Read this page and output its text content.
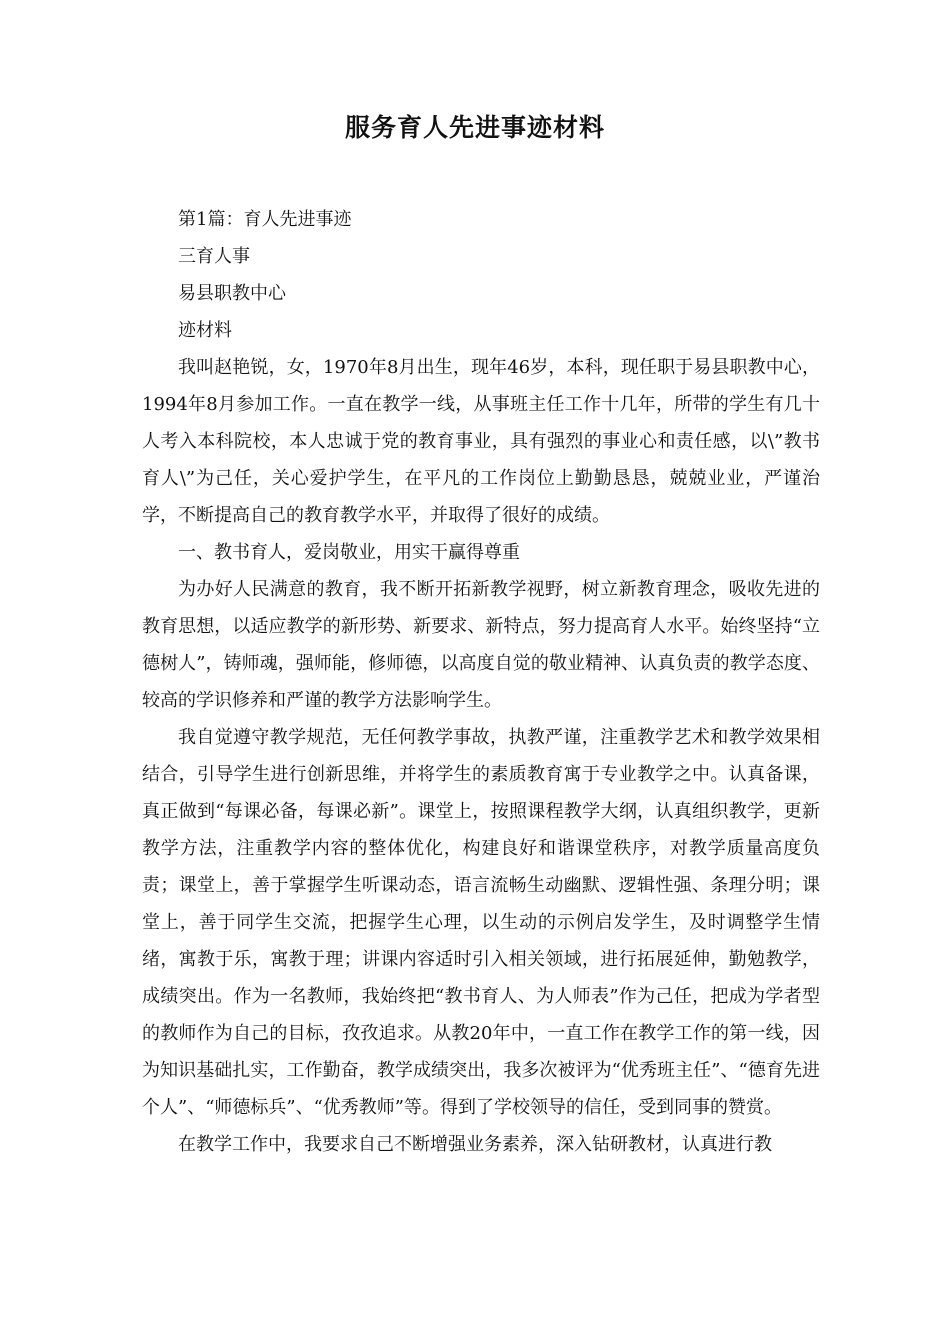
服务育人先进事迹材料

第1篇：育人先进事迹

三育人事

易县职教中心

迹材料

我叫赵艳锐，女，1970年8月出生，现年46岁，本科，现任职于易县职教中心，1994年8月参加工作。一直在教学一线，从事班主任工作十几年，所带的学生有几十人考入本科院校，本人忠诚于党的教育事业，具有强烈的事业心和责任感，以\”教书育人\”为己任，关心爱护学生，在平凡的工作岗位上勤勤恳恳，兢兢业业，严谨治学，不断提高自己的教育教学水平，并取得了很好的成绩。

一、教书育人，爱岗敬业，用实干赢得尊重

为办好人民满意的教育，我不断开拓新教学视野，树立新教育理念，吸收先进的教育思想，以适应教学的新形势、新要求、新特点，努力提高育人水平。始终坚持“立德树人”，铸师魂，强师能，修师德，以高度自觉的敬业精神、认真负责的教学态度、较高的学识修养和严谨的教学方法影响学生。

我自觉遵守教学规范，无任何教学事故，执教严谨，注重教学艺术和教学效果相结合，引导学生进行创新思维，并将学生的素质教育寓于专业教学之中。认真备课，真正做到“每课必备，每课必新”。课堂上，按照课程教学大纲，认真组织教学，更新教学方法，注重教学内容的整体优化，构建良好和谐课堂秩序，对教学质量高度负责；课堂上，善于掌握学生听课动态，语言流畅生动幽默、逻辑性强、条理分明；课堂上，善于同学生交流，把握学生心理，以生动的示例启发学生，及时调整学生情绪，寓教于乐，寓教于理；讲课内容适时引入相关领域，进行拓展延伸，勤勉教学，成绩突出。作为一名教师，我始终把“教书育人、为人师表”作为己任，把成为学者型的教师作为自己的目标，孜孜追求。从教20年中，一直工作在教学工作的第一线，因为知识基础扎实，工作勤奋，教学成绩突出，我多次被评为“优秀班主任”、“德育先进个人”、“师德标兵”、“优秀教师”等。得到了学校领导的信任，受到同事的赞赏。

在教学工作中，我要求自己不断增强业务素养，深入钻研教材，认真进行教
